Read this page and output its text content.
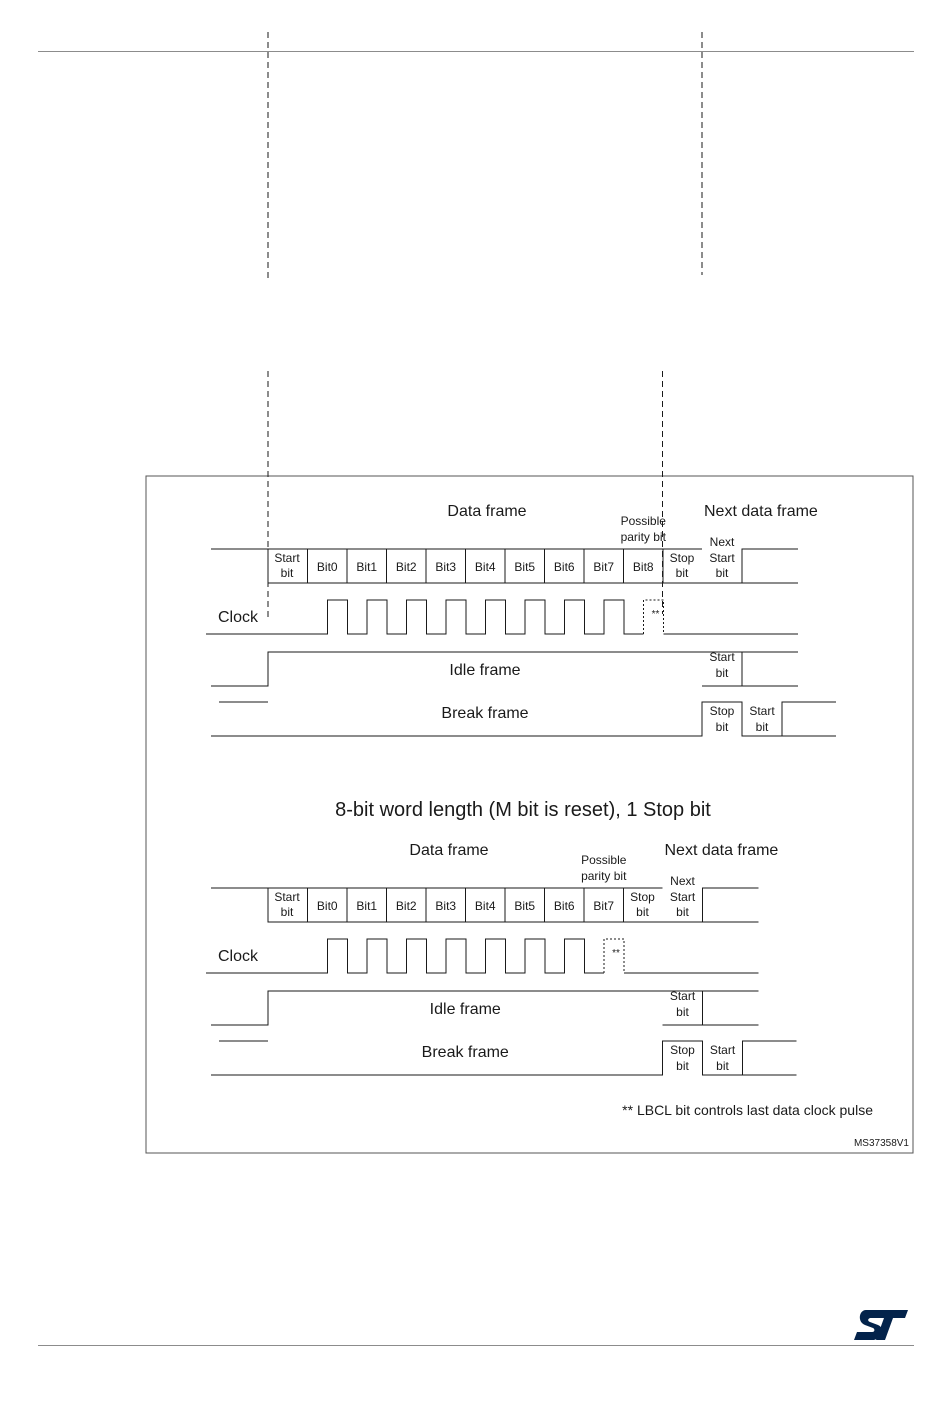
Data frame	Next data frame
Possible
parity bit
Start
bit Bit0 Bit1 Bit2 Bit3 Bit4 Bit5 Bit6 Bit7 Bit8
Stop
bit
Next
Start
bit
Clock	**
Idle frame
Start
bit
Break frame	Stop
bit
Start
bit
Data frame	Next data frame
Possible
parity bit
Start
bit Bit0 Bit1 Bit2 Bit3 Bit4 Bit5 Bit6 Bit7
Stop
bit
Next
Start
bit
Clock	**
Idle frame
Start
bit
Break frame	Stop
bit
Start
bit
8-bit word length (M bit is reset), 1 Stop bit
** LBCL bit controls last data clock pulse
MS37358V1
